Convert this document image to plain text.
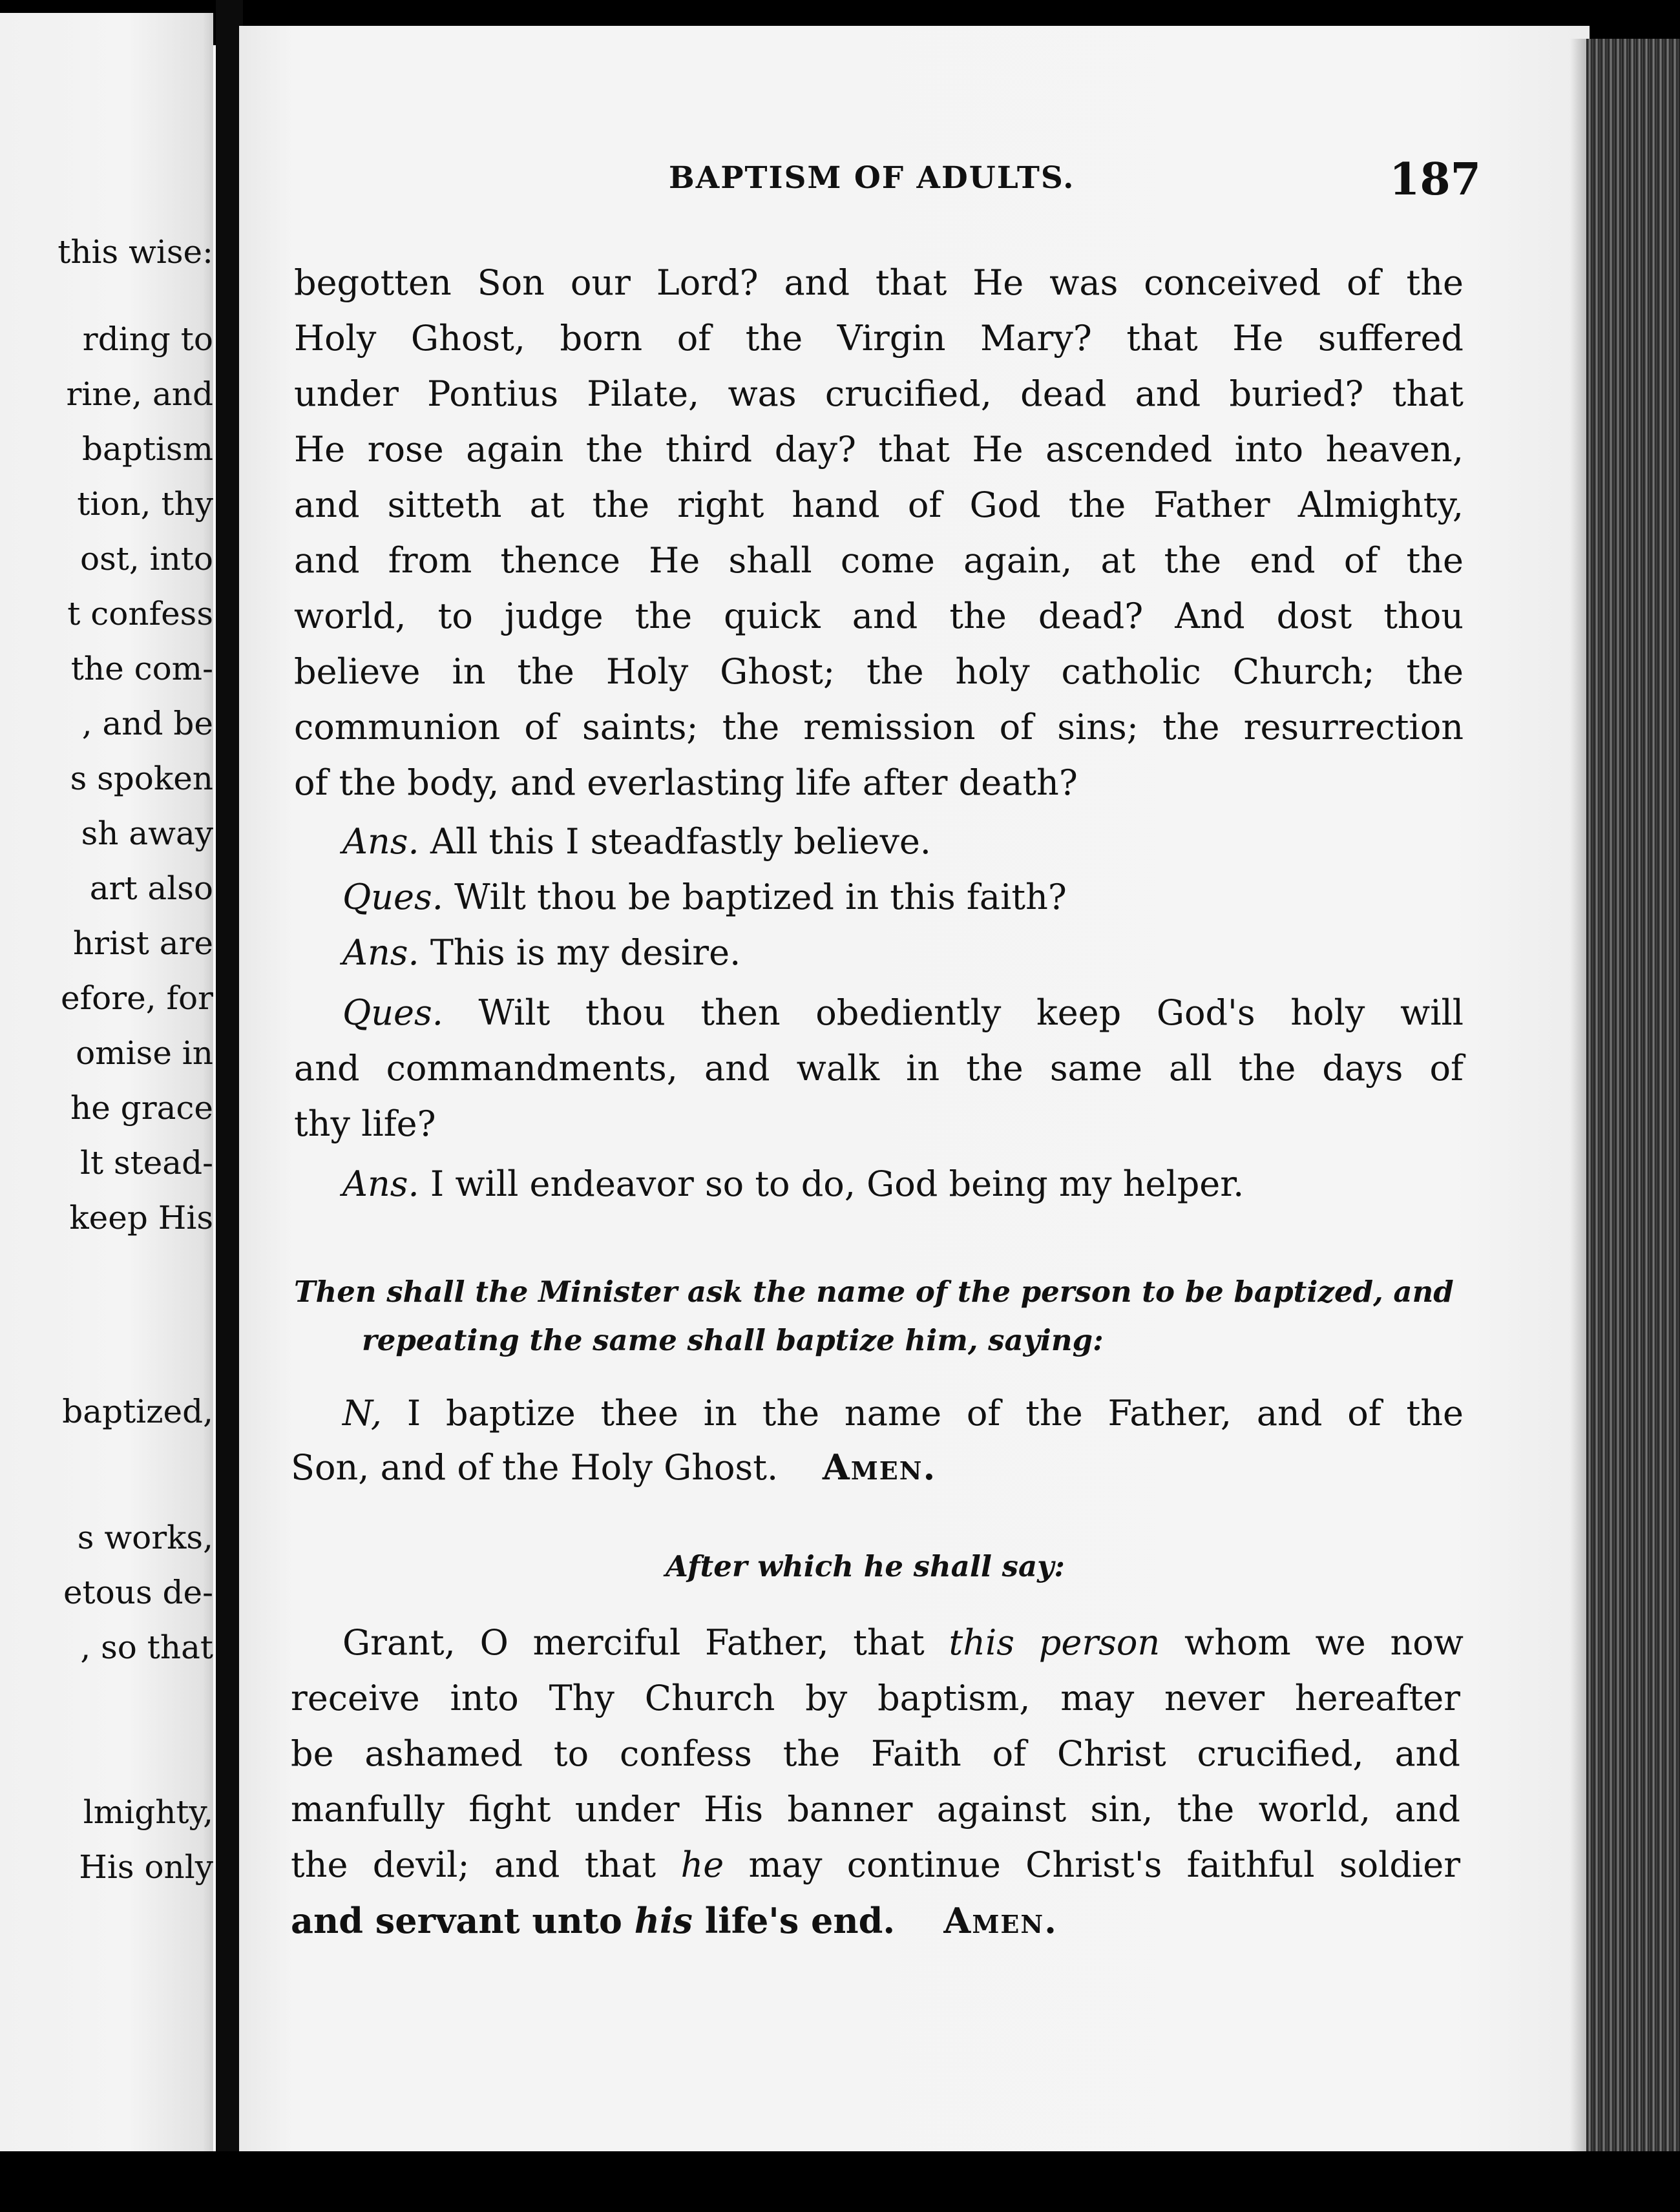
this wise:
rding to
rine, and
baptism
tion, thy
ost, into
t confess
the com-
, and be
s spoken
sh away
art also
hrist are
efore, for
omise in
he grace
lt stead-
keep His
baptized,
s works,
etous de-
, so that
lmighty,
His only
BAPTISM OF ADULTS.	187
begotten Son our Lord? and that He was conceived of the
Holy Ghost, born of the Virgin Mary? that He suffered
under Pontius Pilate, was crucified, dead and buried? that
He rose again the third day? that He ascended into heaven,
and sitteth at the right hand of God the Father Almighty,
and from thence He shall come again, at the end of the
world, to judge the quick and the dead? And dost thou
believe in the Holy Ghost; the holy catholic Church; the
communion of saints; the remission of sins; the resurrection
of the body, and everlasting life after death?
Ans. All this I steadfastly believe.
Ques. Wilt thou be baptized in this faith?
Ans. This is my desire.
Ques. Wilt thou then obediently keep God's holy will
and commandments, and walk in the same all the days of
thy life?
Ans. I will endeavor so to do, God being my helper.
Then shall the Minister ask the name of the person to be baptized, and
repeating the same shall baptize him, saying:
N, I baptize thee in the name of the Father, and of the
Son, and of the Holy Ghost. Amen.
After which he shall say:
Grant, O merciful Father, that this person whom we now
receive into Thy Church by baptism, may never hereafter
be ashamed to confess the Faith of Christ crucified, and
manfully fight under His banner against sin, the world, and
the devil; and that he may continue Christ's faithful soldier
and servant unto his life's end. Amen.
